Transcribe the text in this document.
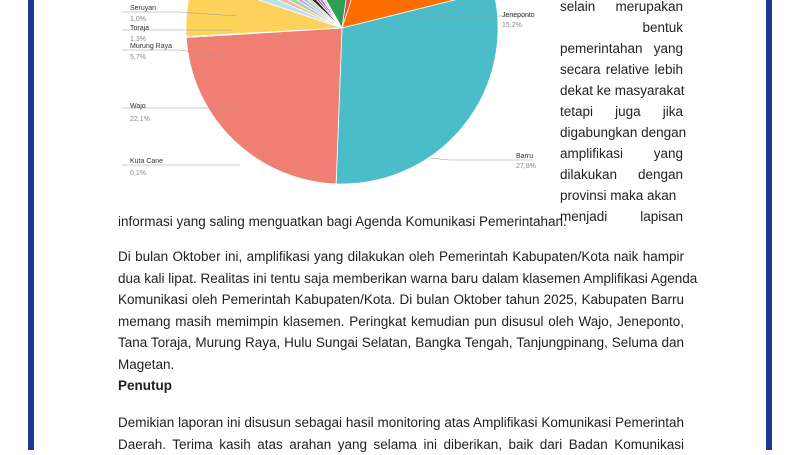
Jeneponto
15,2%
Barru
27,8%
Wajo
22,1%
Kuta Cane
0,1%
Murung Raya
5,7%
Toraja
1,3%
Seruyan
1,0%
selain merupakan
bentuk
pemerintahan yang
secara relative lebih
dekat ke masyarakat
tetapi juga jika
digabungkan dengan
amplifikasi yang
dilakukan dengan
provinsi maka akan
menjadi lapisan
informasi yang saling menguatkan bagi Agenda Komunikasi Pemerintahan.
Di bulan Oktober ini, amplifikasi yang dilakukan oleh Pemerintah Kabupaten/Kota naik hampir
dua kali lipat. Realitas ini tentu saja memberikan warna baru dalam klasemen Amplifikasi Agenda
Komunikasi oleh Pemerintah Kabupaten/Kota. Di bulan Oktober tahun 2025, Kabupaten Barru
memang masih memimpin klasemen. Peringkat kemudian pun disusul oleh Wajo, Jeneponto,
Tana Toraja, Murung Raya, Hulu Sungai Selatan, Bangka Tengah, Tanjungpinang, Seluma dan
Magetan.
Penutup
Demikian laporan ini disusun sebagai hasil monitoring atas Amplifikasi Komunikasi Pemerintah
Daerah. Terima kasih atas arahan yang selama ini diberikan, baik dari Badan Komunikasi
